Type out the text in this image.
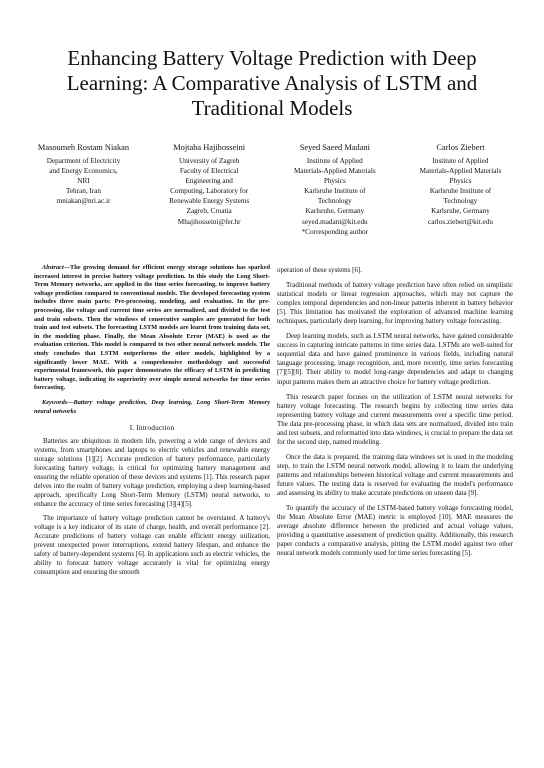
Enhancing Battery Voltage Prediction with Deep Learning: A Comparative Analysis of LSTM and Traditional Models
Masoumeh Rostam Niakan
Department of Electricity
and Energy Economics,
NRI
Tehran, Iran
mniakan@nri.ac.ir
Mojtaba Hajihosseini
University of Zagreb
Faculty of Electrical
Engineering and
Computing, Laboratory for
Renewable Energy Systems
Zagreb, Croatia
Mhajihosseini@fer.hr
Seyed Saeed Madani
Institute of Applied
Materials-Applied Materials
Physics
Karlsruhe Institute of
Technology
Karlsruhe, Germany
seyed.madani@kit.edu
*Corresponding author
Carlos Ziebert
Institute of Applied
Materials-Applied Materials
Physics
Karlsruhe Institute of
Technology
Karlsruhe, Germany
carlos.ziebert@kit.edu
Abstract—The growing demand for efficient energy storage solutions has sparked increased interest in precise battery voltage prediction. In this study the Long Short-Term Memory networks, are applied in the time series forecasting, to improve battery voltage prediction compared to conventional models. The developed forecasting system includes three main parts: Pre-processing, modeling, and evaluation. In the pre-processing, the voltage and current time series are normalized, and divided to the test and train subsets. Then the windows of consecutive samples are generated for both train and test subsets. The forecasting LSTM models are learnt from training data set, in the modeling phase. Finally, the Mean Absolute Error (MAE) is used as the evaluation criterion. This model is compared to two other neural network models. The study concludes that LSTM outperforms the other models, highlighted by a significantly lower MAE. With a comprehensive methodology and successful experimental framework, this paper demonstrates the efficacy of LSTM in predicting battery voltage, indicating its superiority over simple neural networks for time series forecasting.
Keywords—Battery voltage prediction, Deep learning, Long Short-Term Memory neural networks
I. Introduction

Batteries are ubiquitous in modern life, powering a wide range of devices and systems, from smartphones and laptops to electric vehicles and renewable energy storage solutions [1][2]. Accurate prediction of battery performance, particularly forecasting battery voltage, is critical for optimizing battery management and ensuring the reliable operation of these devices and systems [1]. This research paper delves into the realm of battery voltage prediction, employing a deep learning-based approach, specifically Long Short-Term Memory (LSTM) neural networks, to enhance the accuracy of time series forecasting [3][4][5].

The importance of battery voltage prediction cannot be overstated. A battery's voltage is a key indicator of its state of charge, health, and overall performance [2]. Accurate predictions of battery voltage can enable efficient energy utilization, prevent unexpected power interruptions, extend battery lifespan, and enhance the safety of battery-dependent systems [6]. In applications such as electric vehicles, the ability to forecast battery voltage accurately is vital for optimizing energy consumption and ensuring the smooth

operation of these systems [6].

Traditional methods of battery voltage prediction have often relied on simplistic statistical models or linear regression approaches, which may not capture the complex temporal dependencies and non-linear patterns inherent in battery behavior [5]. This limitation has motivated the exploration of advanced machine learning techniques, particularly deep learning, for improving battery voltage forecasting.

Deep learning models, such as LSTM neural networks, have gained considerable success in capturing intricate patterns in time series data. LSTMs are well-suited for sequential data and have gained prominence in various fields, including natural language processing, image recognition, and, more recently, time series forecasting [7][5][8]. Their ability to model long-range dependencies and adapt to changing input patterns makes them an attractive choice for battery voltage prediction.

This research paper focuses on the utilization of LSTM neural networks for battery voltage forecasting. The research begins by collecting time series data representing battery voltage and current measurements over a specific time period. The data pre-processing phase, in which data sets are normalized, divided into train and test subsets, and reformatted into data windows, is crucial to prepare the data set for the second step, named modeling.

Once the data is prepared, the training data windows set is used in the modeling step, to train the LSTM neural network model, allowing it to learn the underlying patterns and relationships between historical voltage and current measurements and future values. The testing data is reserved for evaluating the model's performance and assessing its ability to make accurate predictions on unseen data [9].

To quantify the accuracy of the LSTM-based battery voltage forecasting model, the Mean Absolute Error (MAE) metric is employed [10]. MAE measures the average absolute difference between the predicted and actual voltage values, providing a quantitative assessment of prediction quality. Additionally, this research paper conducts a comparative analysis, pitting the LSTM model against two other neural network models commonly used for time series forecasting [5].
